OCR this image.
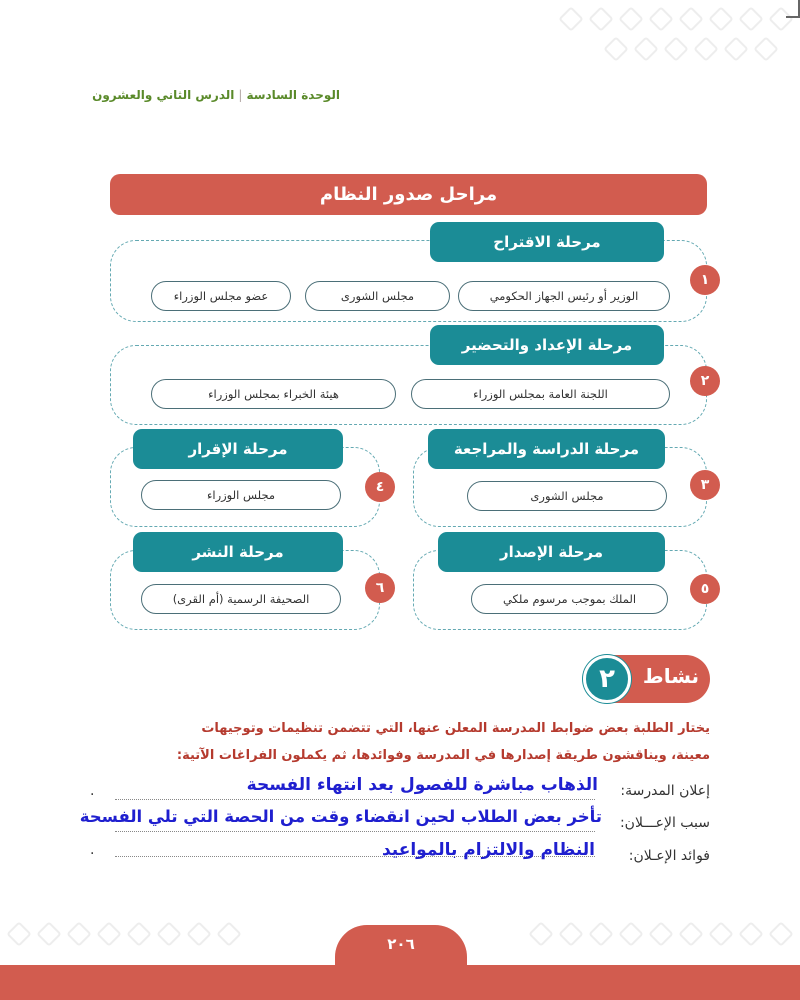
الوحدة السادسة|الدرس الثاني والعشرون
مراحل صدور النظام
مرحلة الاقتراح
١
الوزير أو رئيس الجهاز الحكومي
مجلس الشورى
عضو مجلس الوزراء
مرحلة الإعداد والتحضير
٢
اللجنة العامة بمجلس الوزراء
هيئة الخبراء بمجلس الوزراء
مرحلة الدراسة والمراجعة
٣
مجلس الشورى
مرحلة الإقرار
٤
مجلس الوزراء
مرحلة الإصدار
٥
الملك بموجب مرسوم ملكي
مرحلة النشر
٦
الصحيفة الرسمية (أم القرى)
٢	نشاط
يختار الطلبة بعض ضوابط المدرسة المعلن عنها، التي تتضمن تنظيمات وتوجيهات
معينة، ويناقشون طريقة إصدارها في المدرسة وفوائدها، ثم يكملون الفراغات الآتية:
إعلان المدرسة:
الذهاب مباشرة للفصول بعد انتهاء الفسحة
.
سبب الإعـــلان:
تأخر بعض الطلاب لحين انقضاء وقت من الحصة التي تلي الفسحة
فوائد الإعـلان:
النظام والالتزام بالمواعيد
.
٢٠٦
